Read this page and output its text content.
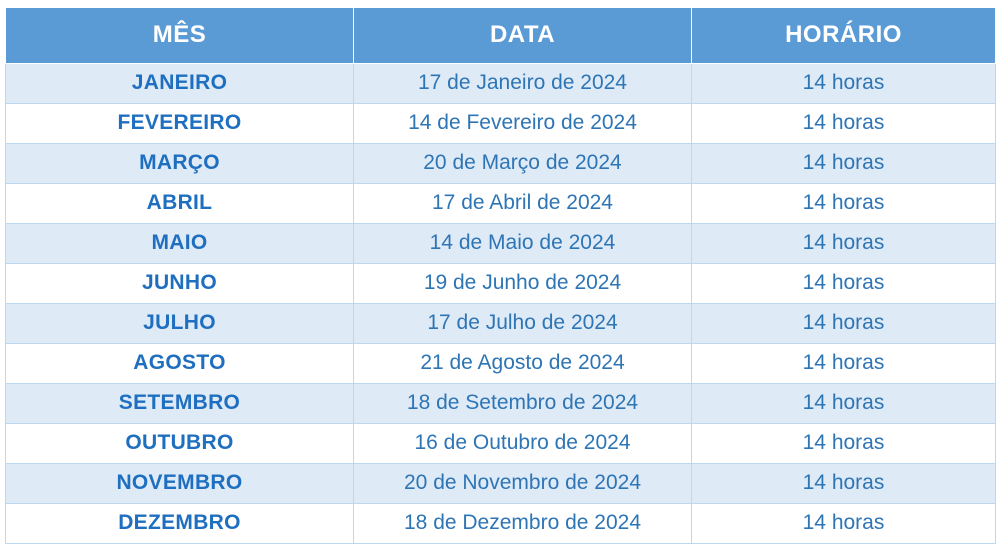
MÊS	DATA	HORÁRIO
JANEIRO	17 de Janeiro de 2024	14 horas
FEVEREIRO	14 de Fevereiro de 2024	14 horas
MARÇO	20 de Março de 2024	14 horas
ABRIL	17 de Abril de 2024	14 horas
MAIO	14 de Maio de 2024	14 horas
JUNHO	19 de Junho de 2024	14 horas
JULHO	17 de Julho de 2024	14 horas
AGOSTO	21 de Agosto de 2024	14 horas
SETEMBRO	18 de Setembro de 2024	14 horas
OUTUBRO	16 de Outubro de 2024	14 horas
NOVEMBRO	20 de Novembro de 2024	14 horas
DEZEMBRO	18 de Dezembro de 2024	14 horas
